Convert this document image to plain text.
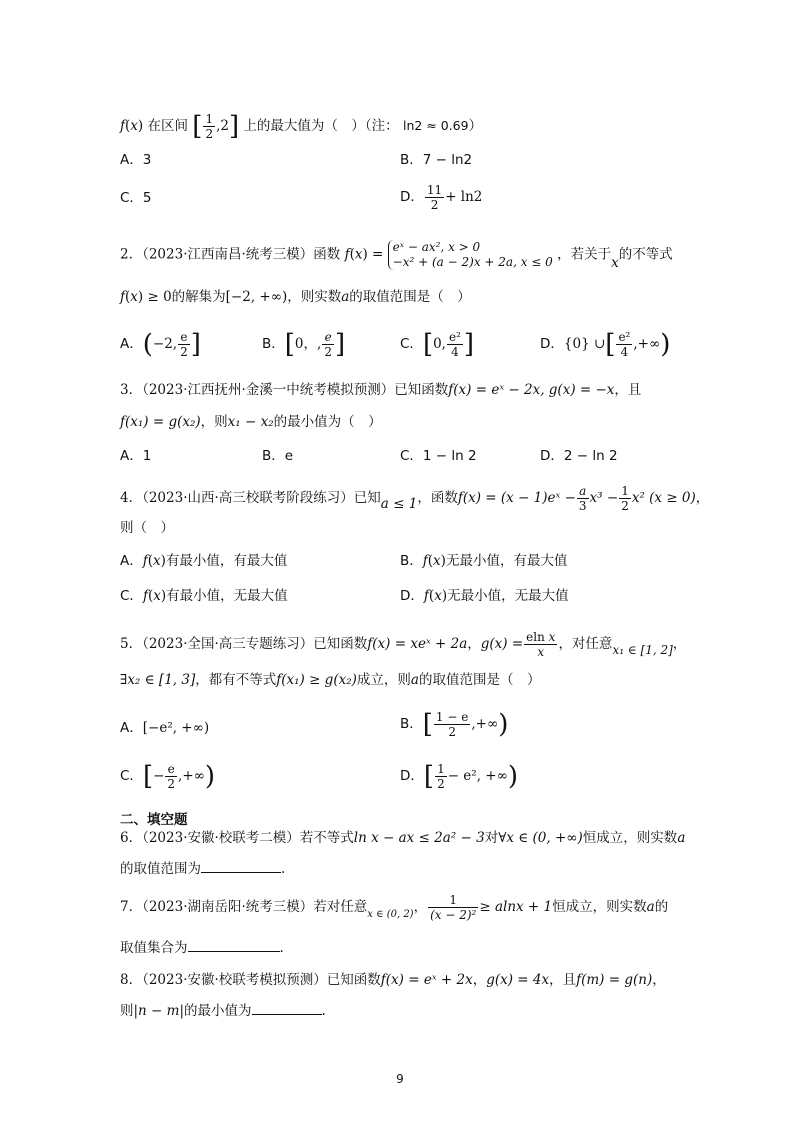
f(x) 在区间 [ $\frac{1}{2} ,2$] 上的最大值为（　）（注： ln2 ≈ 0.69）
A．3	B．7 − ln2
C．5	D． $\frac{11}{2} + \ln 2$
2．（2023·江西南昌·统考三模）函数 f(x) = eˣ − ax², x > 0
−x² + (a − 2)x + 2a, x ≤ 0 ，若关于x的不等式
f(x) ≥ 0的解集为[−2, +∞)，则实数a的取值范围是（　）
A．(−2, $\frac{e}{2}$ ]	B．[0，, $\frac{e}{2}$ ]	C．[0, $\frac{\text{e²}}{4}$ ]	D．{0} ∪[ $\frac{\text{e²}}{4}$ ,+∞)
3．（2023·江西抚州·金溪一中统考模拟预测）已知函数f(x) = eˣ − 2x, g(x) = −x，且
f(x₁) = g(x₂)，则x₁ − x₂的最小值为（　）
A．1	B．e	C．1 − ln 2	D．2 − ln 2
4．（2023·山西·高三校联考阶段练习）已知a ≤ 1，函数f(x) = (x − 1)eˣ − $\frac{a}{3} x^3 - \frac{1}{2} x^2$ (x ≥ 0)，
则（　）
A．f(x)有最小值，有最大值	B．f(x)无最小值，有最大值
C．f(x)有最小值，无最大值	D．f(x)无最小值，无最大值
5．（2023·全国·高三专题练习）已知函数f(x) = xeˣ + 2a，$g(x) = \frac{\text{eln x}}{x}$ ，对任意x₁ ∈ [1, 2]，
∃x₂ ∈ [1, 3]，都有不等式f(x₁) ≥ g(x₂)成立，则a的取值范围是（　）
A．[−e², +∞)	B．[ $\frac{1 - e}{2}$ ,+∞)
C．[− $\frac{e}{2}$ ,+∞)	D．[ $\frac{1}{2} - e^2$, +∞)
二、填空题
6．（2023·安徽·校联考二模）若不等式ln x − ax ≤ 2a² − 3对∀x ∈ (0, +∞)恒成立，则实数a
的取值范围为	.
7．（2023·湖南岳阳·统考三模）若对任意$_{x \in (0, 2)}$， $\frac{1}{\text{(x − 2)²}} \ge alnx + 1$恒成立，则实数a的
取值集合为	.
8．（2023·安徽·校联考模拟预测）已知函数f(x) = eˣ + 2x，g(x) = 4x，且f(m) = g(n)，
则|n − m|的最小值为	.
9
